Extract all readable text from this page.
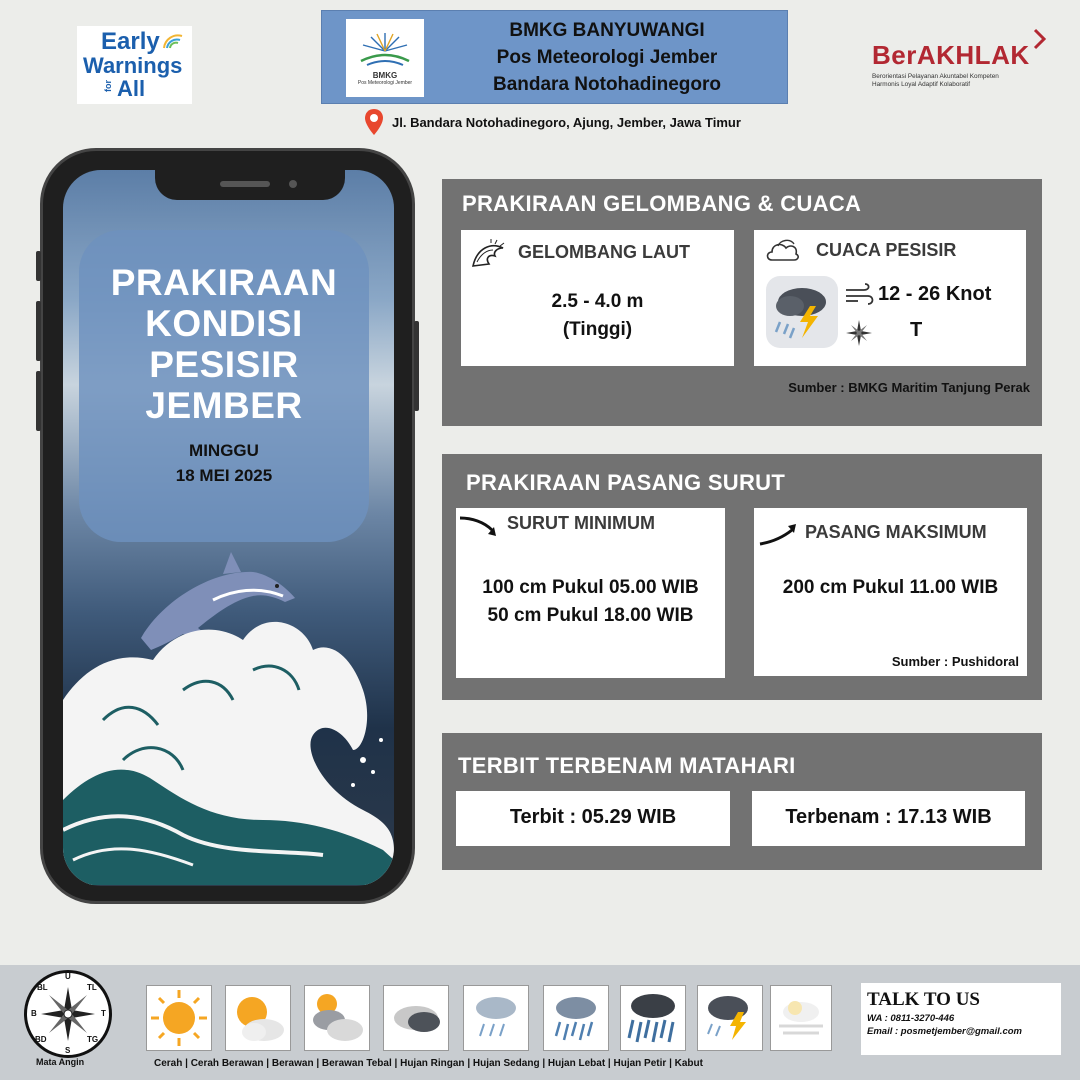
Early
Warnings
for All
BMKG
Pos Meteorologi Jember
BMKG BANYUWANGI
Pos Meteorologi Jember
Bandara Notohadinegoro
Jl. Bandara Notohadinegoro, Ajung, Jember, Jawa Timur
BerAKHLAK
Berorientasi Pelayanan Akuntabel Kompeten
Harmonis Loyal Adaptif Kolaboratif
PRAKIRAAN
KONDISI
PESISIR
JEMBER
MINGGU
18 MEI 2025
PRAKIRAAN GELOMBANG & CUACA
GELOMBANG LAUT
2.5 - 4.0 m
(Tinggi)
CUACA PESISIR
12 - 26 Knot
T
Sumber : BMKG Maritim Tanjung Perak
PRAKIRAAN PASANG SURUT
SURUT MINIMUM
100 cm Pukul 05.00 WIB
50 cm Pukul 18.00 WIB
PASANG MAKSIMUM
200 cm Pukul 11.00 WIB
Sumber : Pushidoral
TERBIT TERBENAM MATAHARI
Terbit : 05.29 WIB	Terbenam : 17.13 WIB
U
S
T
B
TL
BL
TG
BD
Mata Angin	Cerah | Cerah Berawan | Berawan | Berawan Tebal | Hujan Ringan | Hujan Sedang | Hujan Lebat | Hujan Petir | Kabut
TALK TO US
WA : 0811-3270-446
Email : posmetjember@gmail.com
